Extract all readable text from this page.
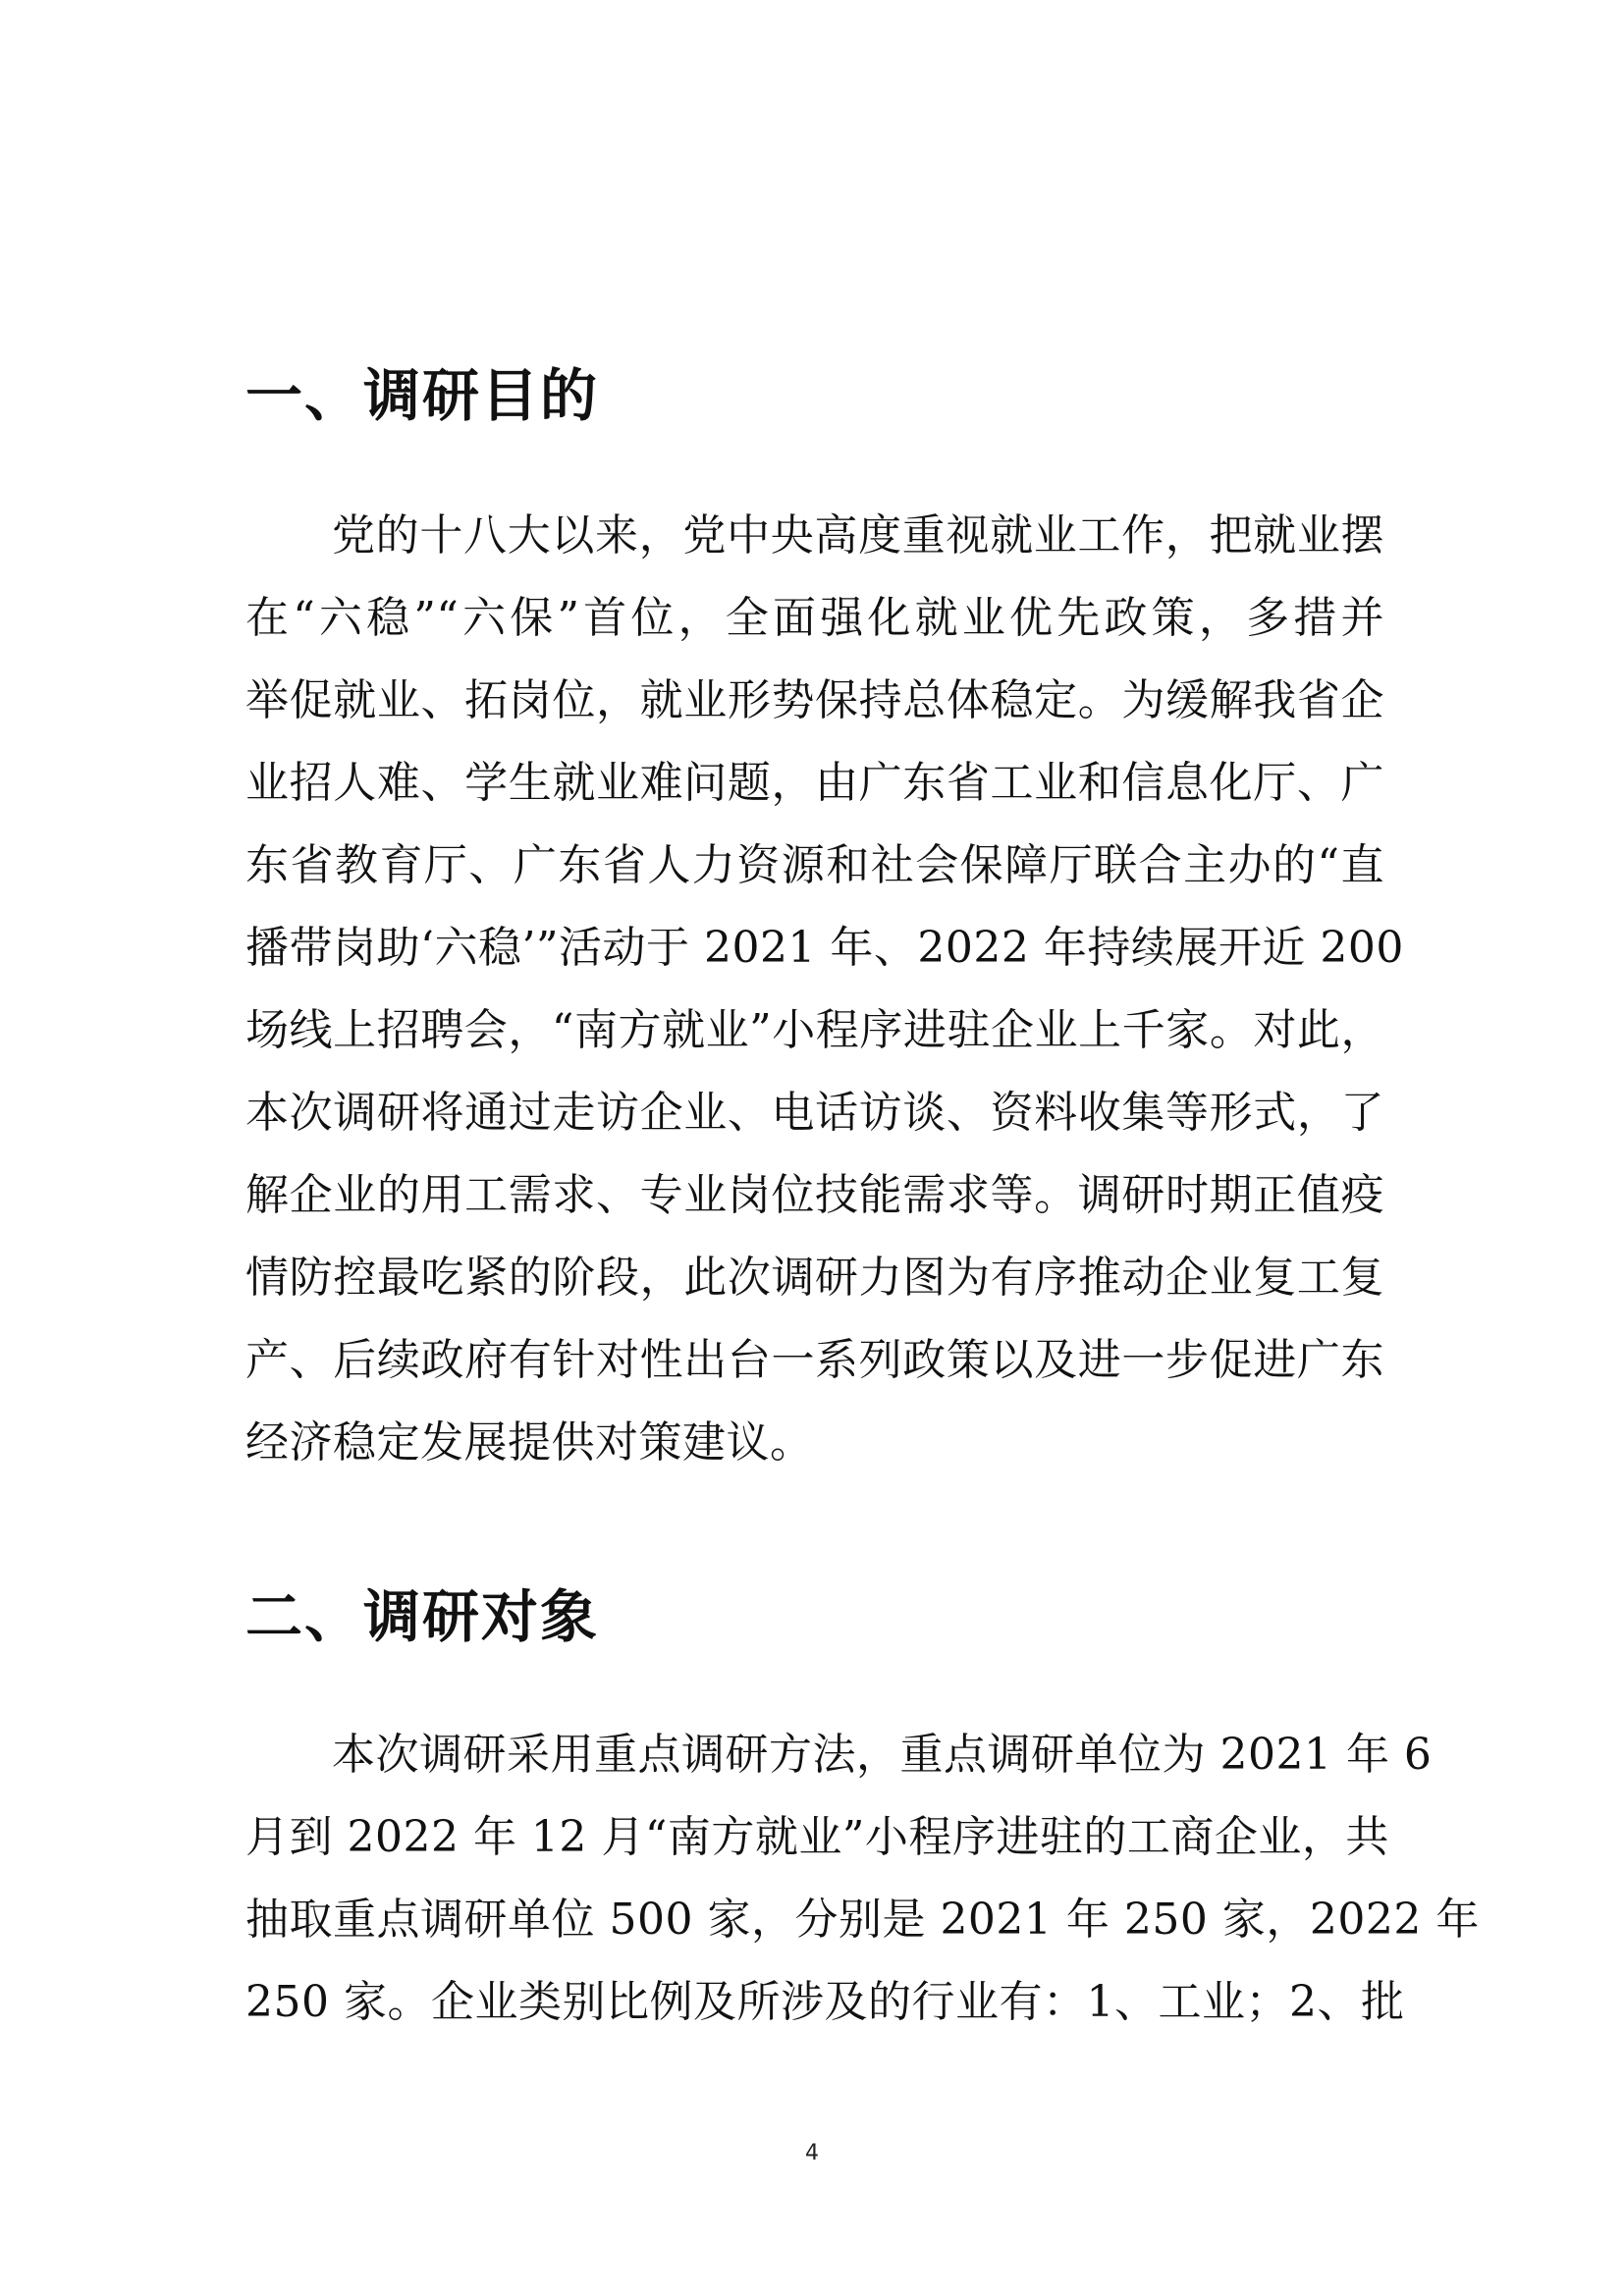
一、调研目的
党的十八大以来，党中央高度重视就业工作，把就业摆
在“六稳”“六保”首位，全面强化就业优先政策，多措并
举促就业、拓岗位，就业形势保持总体稳定。为缓解我省企
业招人难、学生就业难问题，由广东省工业和信息化厅、广
东省教育厅、广东省人力资源和社会保障厅联合主办的“直
播带岗助‘六稳’”活动于 2021 年、2022 年持续展开近 200
场线上招聘会，“南方就业”小程序进驻企业上千家。对此，
本次调研将通过走访企业、电话访谈、资料收集等形式，了
解企业的用工需求、专业岗位技能需求等。调研时期正值疫
情防控最吃紧的阶段，此次调研力图为有序推动企业复工复
产、后续政府有针对性出台一系列政策以及进一步促进广东
经济稳定发展提供对策建议。
二、调研对象
本次调研采用重点调研方法，重点调研单位为 2021 年 6
月到 2022 年 12 月“南方就业”小程序进驻的工商企业，共
抽取重点调研单位 500 家，分别是 2021 年 250 家，2022 年
250 家。企业类别比例及所涉及的行业有：1、工业；2、批
4
